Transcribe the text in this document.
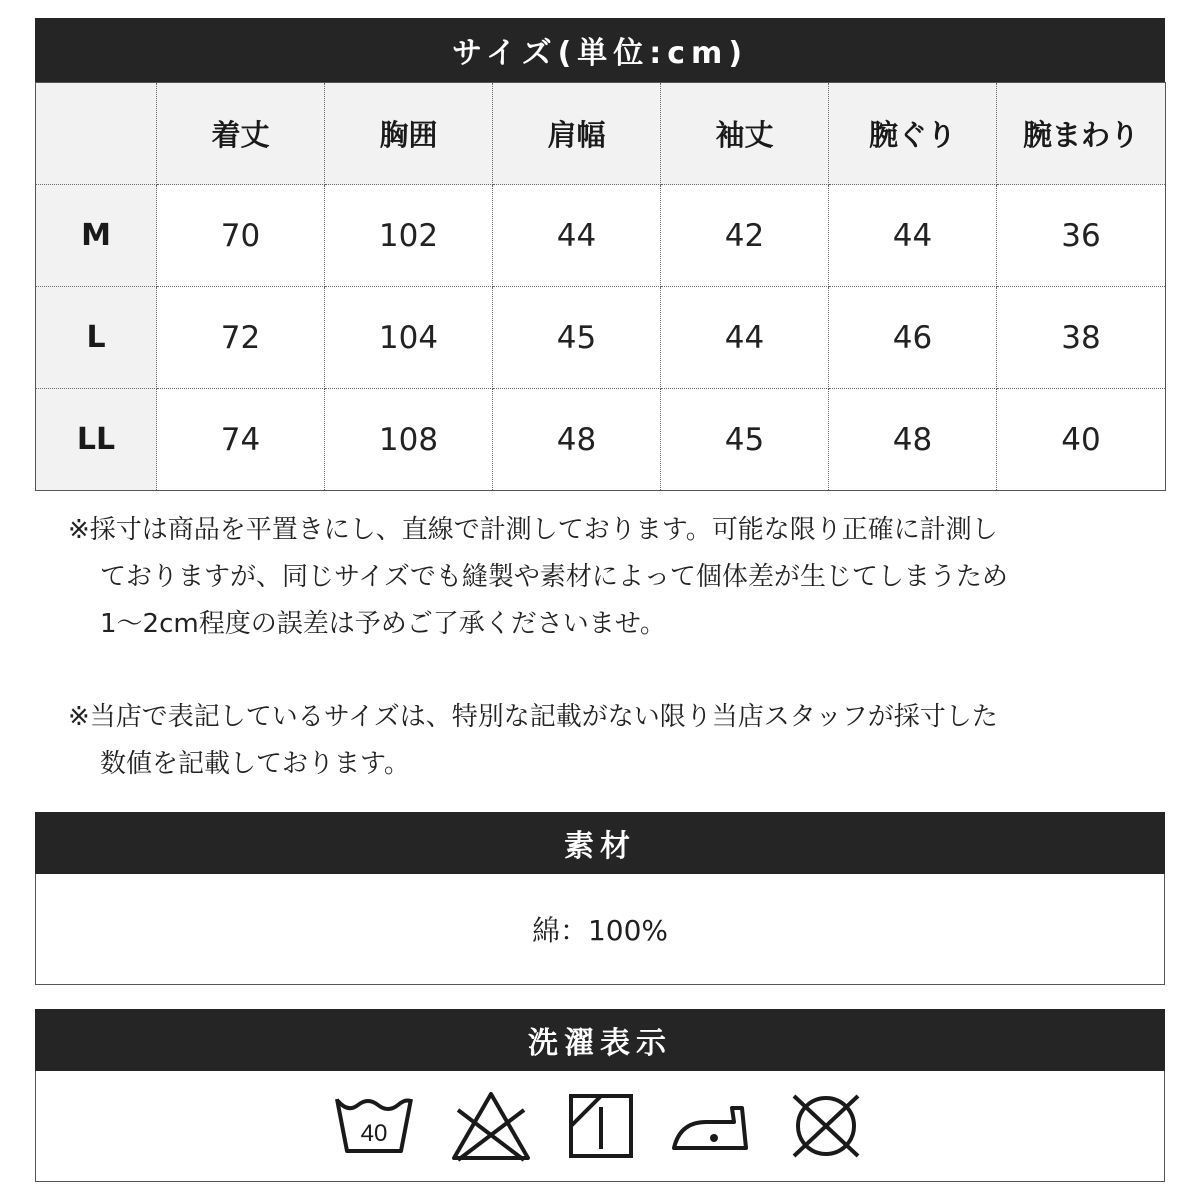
サイズ(単位:cm)
	着丈	胸囲	肩幅	袖丈	腕ぐり	腕まわり
M	70	102	44	42	44	36
L	72	104	45	44	46	38
LL	74	108	48	45	48	40
※採寸は商品を平置きにし、直線で計測しております。可能な限り正確に計測し
ておりますが、同じサイズでも縫製や素材によって個体差が生じてしまうため
1～2cm程度の誤差は予めご了承くださいませ。
※当店で表記しているサイズは、特別な記載がない限り当店スタッフが採寸した
数値を記載しております。
素材
綿：100%
洗濯表示
40
